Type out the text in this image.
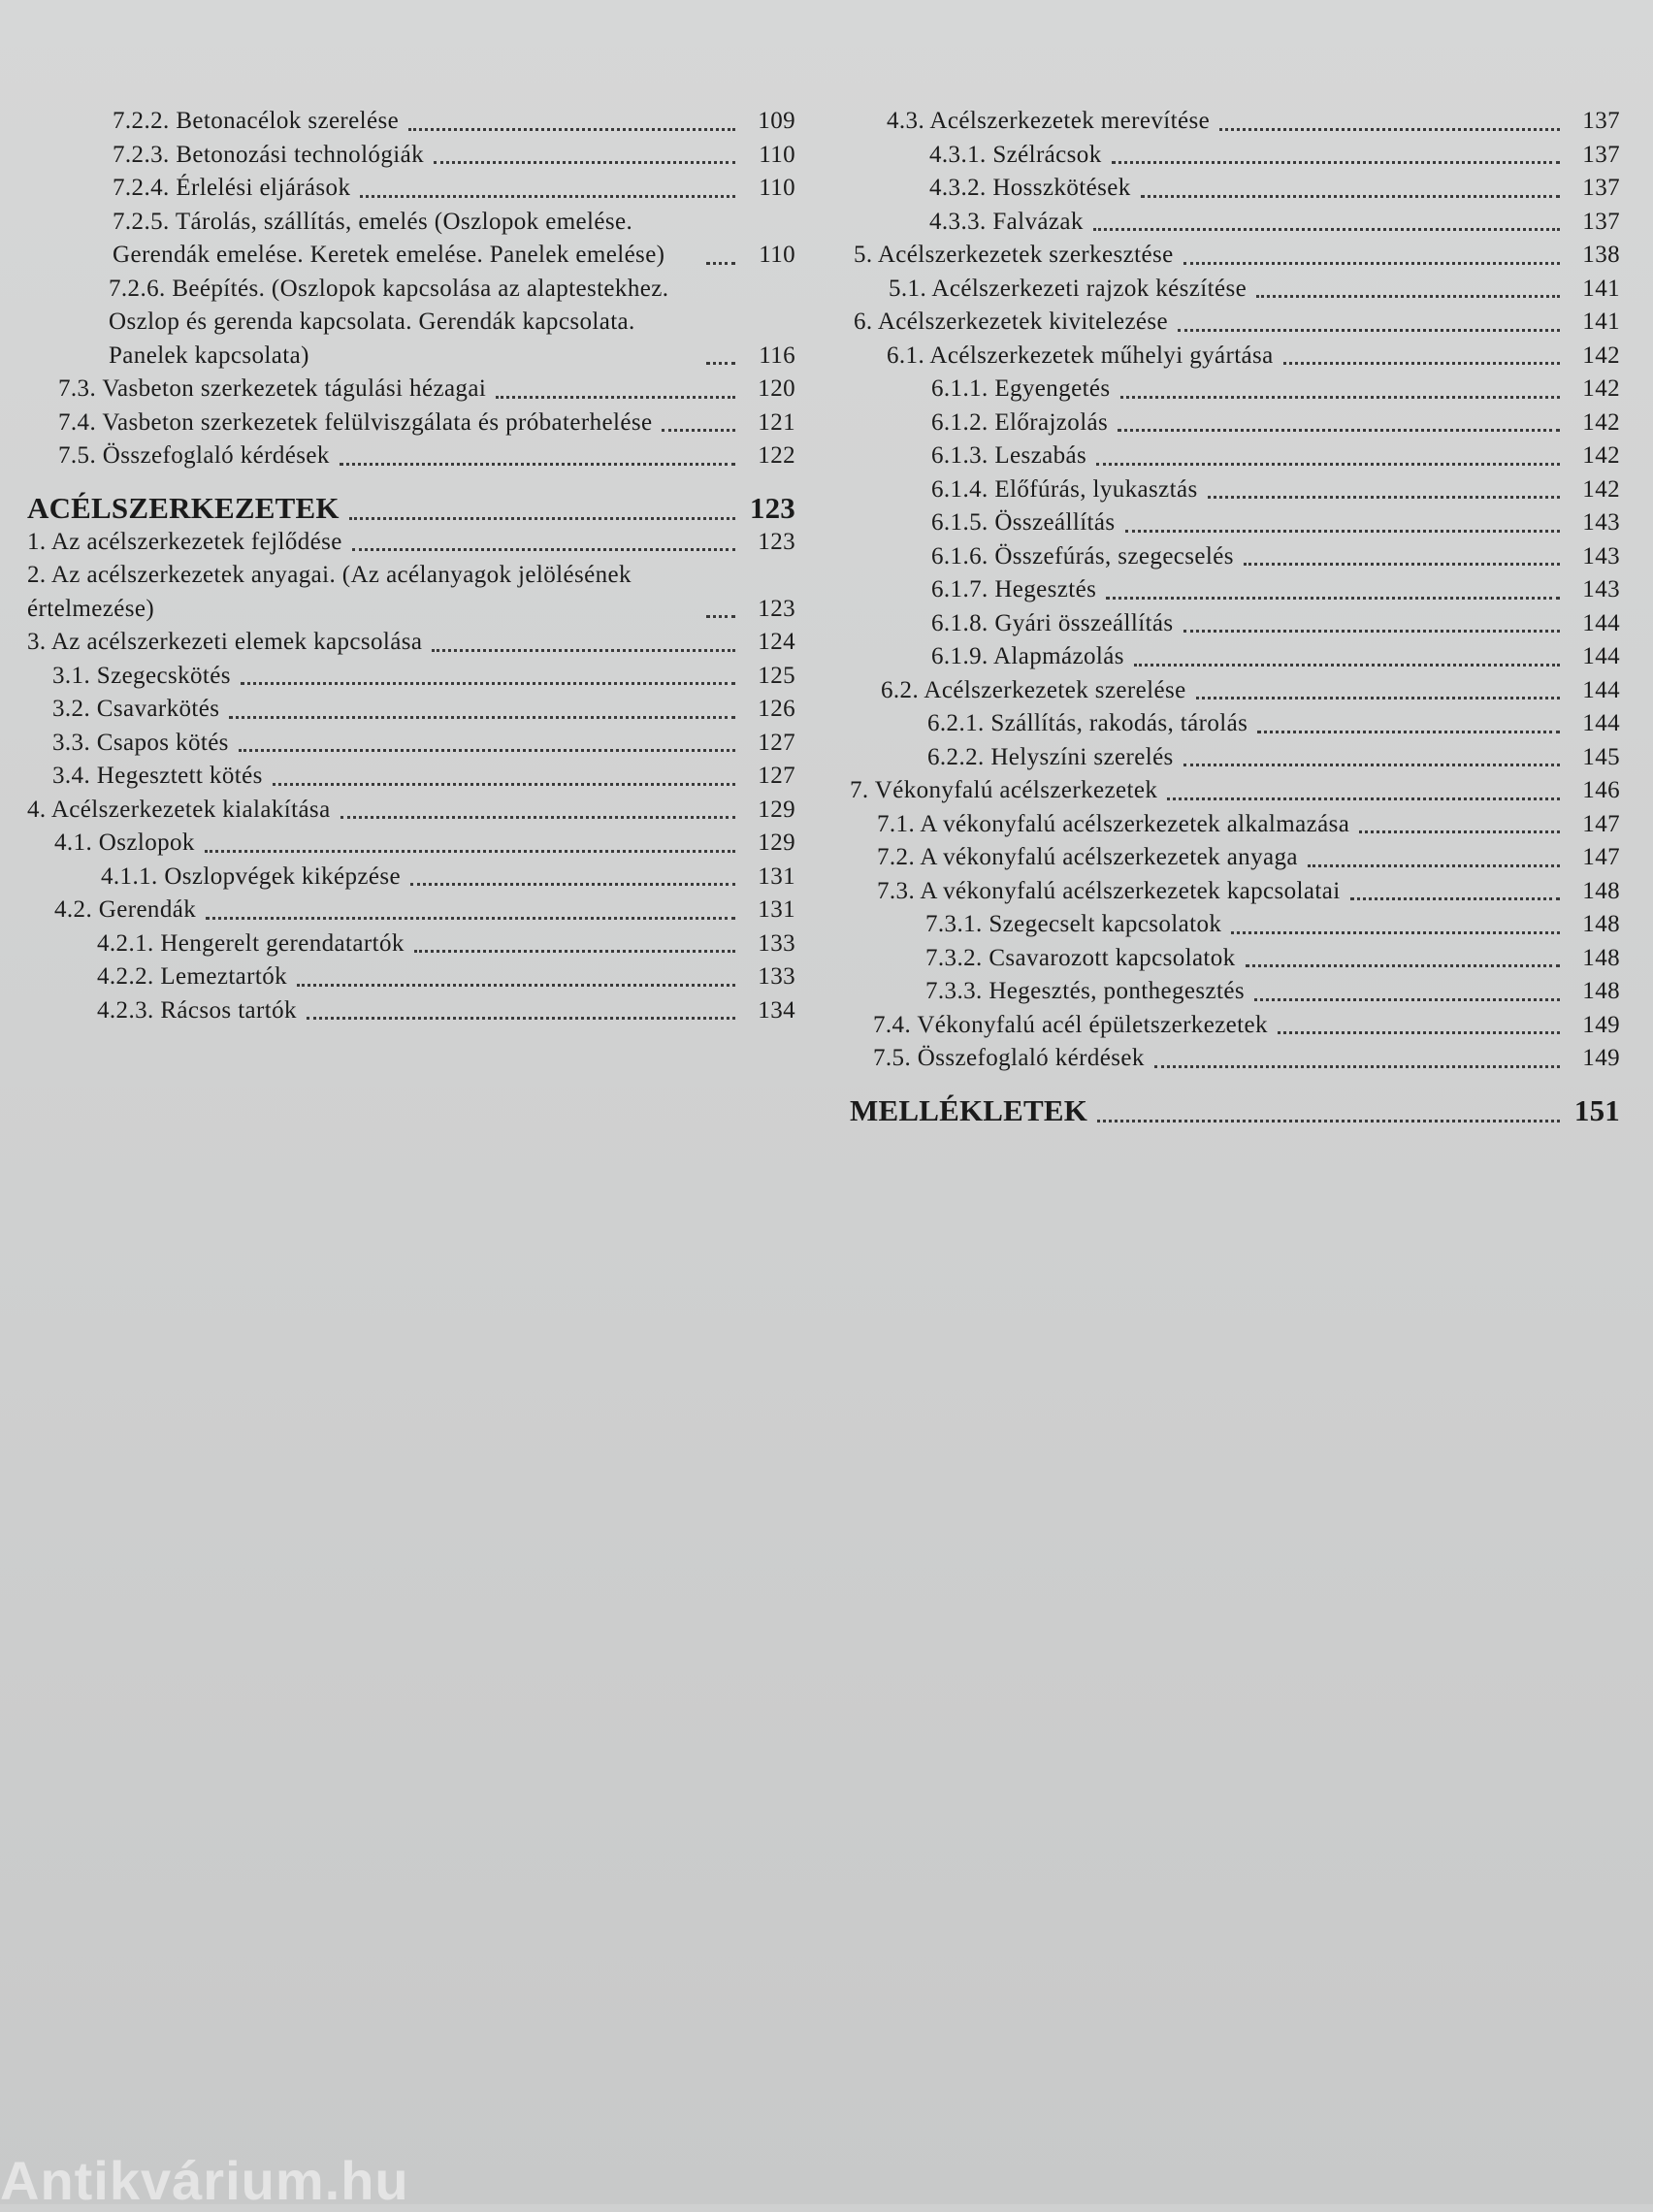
7.2.2. Betonacélok szerelése	109
7.2.3. Betonozási technológiák	110
7.2.4. Érlelési eljárások	110
7.2.5. Tárolás, szállítás, emelés (Oszlopok emelése. Gerendák emelése. Keretek emelése. Panelek emelése)	110
7.2.6. Beépítés. (Oszlopok kapcsolása az alaptestekhez. Oszlop és gerenda kapcsolata. Gerendák kapcsolata. Panelek kapcsolata)	116
7.3. Vasbeton szerkezetek tágulási hézagai	120
7.4. Vasbeton szerkezetek felülviszgálata és próbaterhelése	121
7.5. Összefoglaló kérdések	122
ACÉLSZERKEZETEK	123
1. Az acélszerkezetek fejlődése	123
2. Az acélszerkezetek anyagai. (Az acélanyagok jelölésének értelmezése)	123
3. Az acélszerkezeti elemek kapcsolása	124
3.1. Szegecskötés	125
3.2. Csavarkötés	126
3.3. Csapos kötés	127
3.4. Hegesztett kötés	127
4. Acélszerkezetek kialakítása	129
4.1. Oszlopok	129
4.1.1. Oszlopvégek kiképzése	131
4.2. Gerendák	131
4.2.1. Hengerelt gerendatartók	133
4.2.2. Lemeztartók	133
4.2.3. Rácsos tartók	134
4.3. Acélszerkezetek merevítése	137
4.3.1. Szélrácsok	137
4.3.2. Hosszkötések	137
4.3.3. Falvázak	137
5. Acélszerkezetek szerkesztése	138
5.1. Acélszerkezeti rajzok készítése	141
6. Acélszerkezetek kivitelezése	141
6.1. Acélszerkezetek műhelyi gyártása	142
6.1.1. Egyengetés	142
6.1.2. Előrajzolás	142
6.1.3. Leszabás	142
6.1.4. Előfúrás, lyukasztás	142
6.1.5. Összeállítás	143
6.1.6. Összefúrás, szegecselés	143
6.1.7. Hegesztés	143
6.1.8. Gyári összeállítás	144
6.1.9. Alapmázolás	144
6.2. Acélszerkezetek szerelése	144
6.2.1. Szállítás, rakodás, tárolás	144
6.2.2. Helyszíni szerelés	145
7. Vékonyfalú acélszerkezetek	146
7.1. A vékonyfalú acélszerkezetek alkalmazása	147
7.2. A vékonyfalú acélszerkezetek anyaga	147
7.3. A vékonyfalú acélszerkezetek kapcsolatai	148
7.3.1. Szegecselt kapcsolatok	148
7.3.2. Csavarozott kapcsolatok	148
7.3.3. Hegesztés, ponthegesztés	148
7.4. Vékonyfalú acél épületszerkezetek	149
7.5. Összefoglaló kérdések	149
MELLÉKLETEK	151
Antikvárium.hu
